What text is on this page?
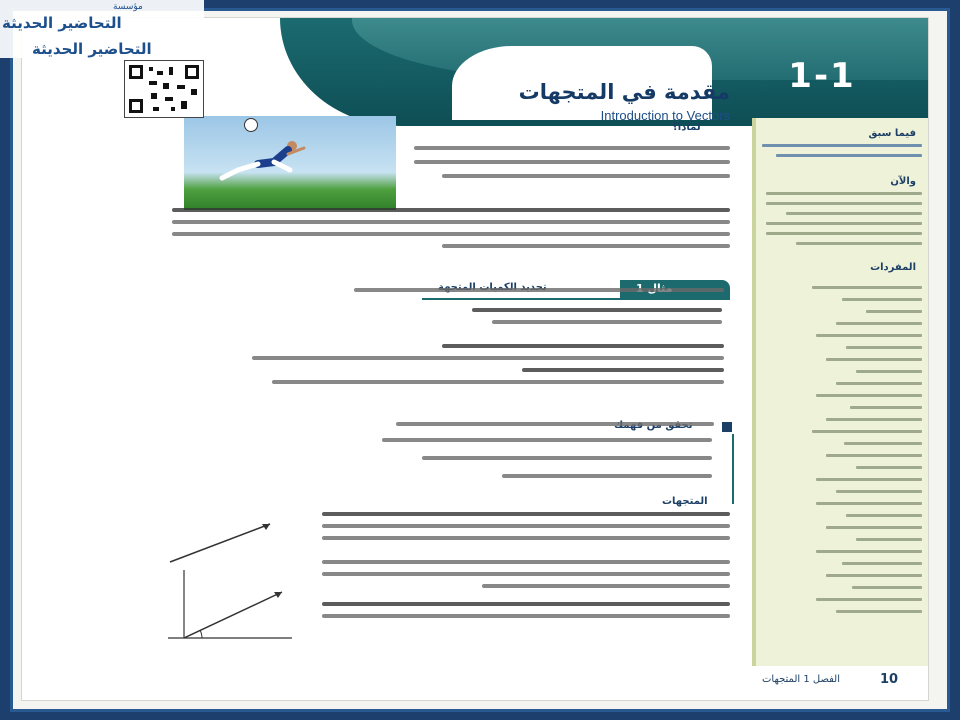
1-1
مقدمة في المتجهات
Introduction to Vectors
لماذا؟
المتجهات
فيما سبق
والآن
المفردات
10
الفصل 1 المتجهات
مؤسسة
التحاضير الحديثة
التحاضير الحديثة
